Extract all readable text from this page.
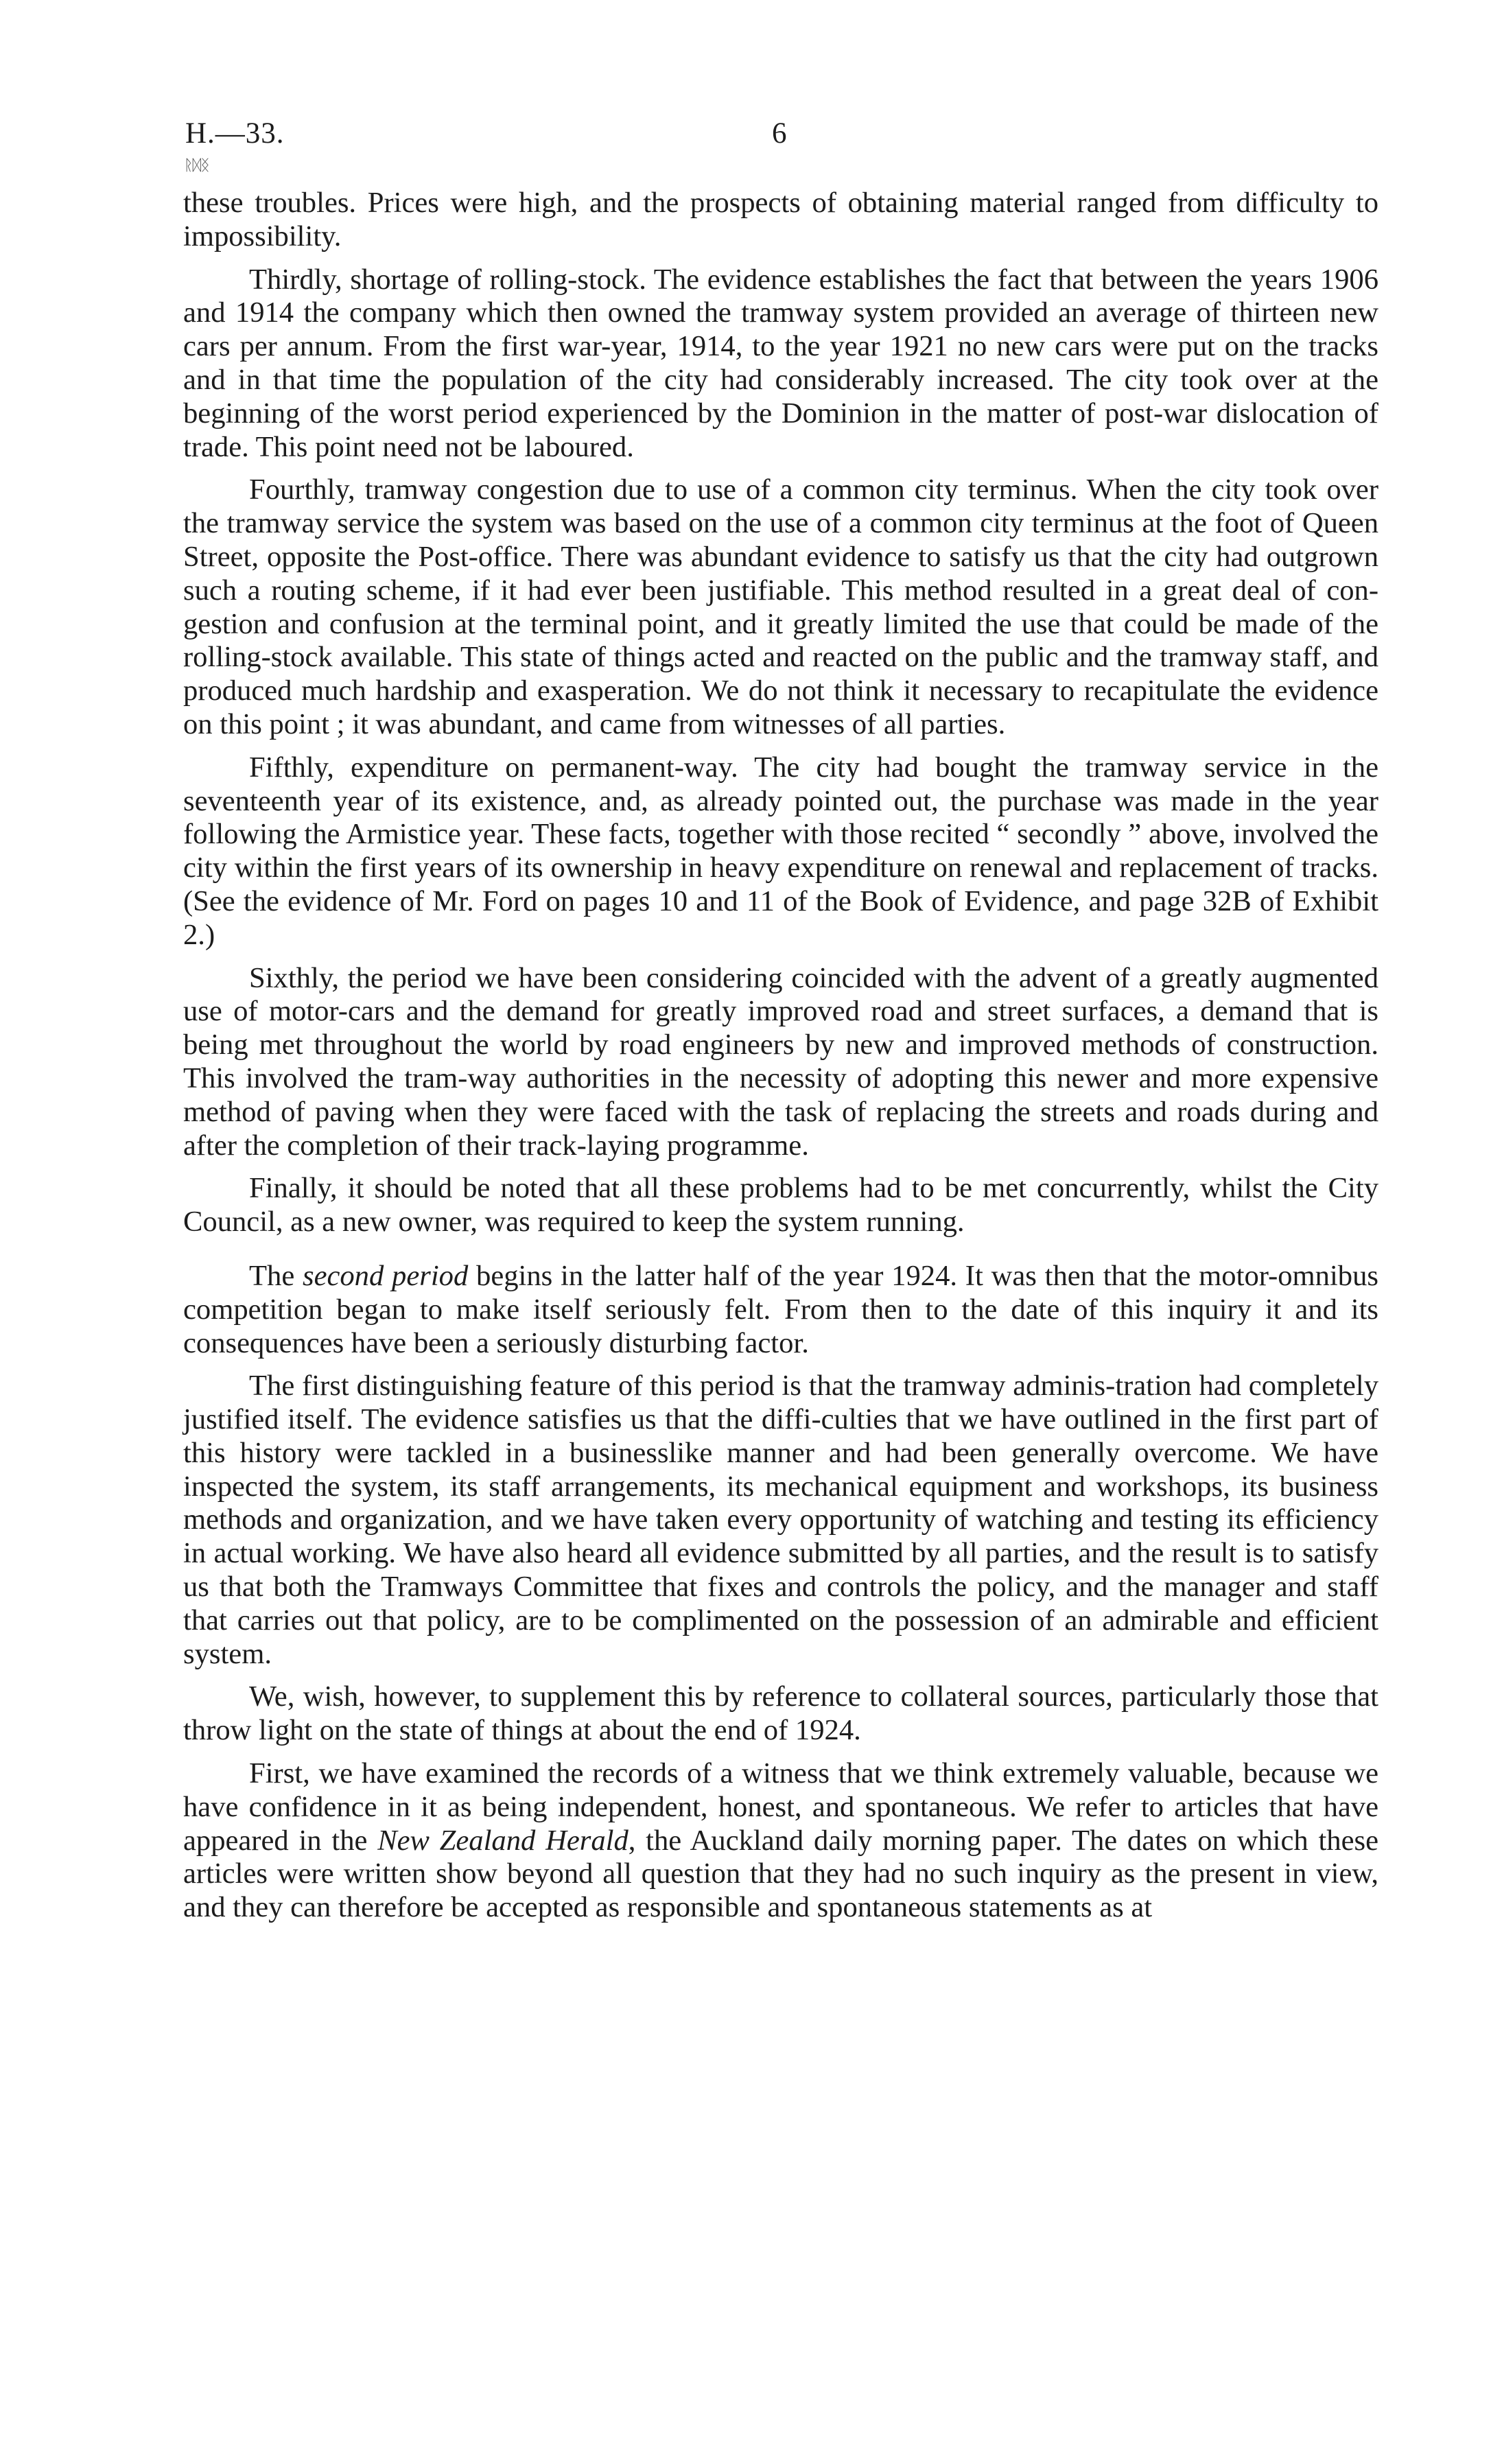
H.—33.	6
ᚱᛞᛝ

these troubles. Prices were high, and the prospects of obtaining material ranged from difficulty to impossibility.

Thirdly, shortage of rolling-stock. The evidence establishes the fact that between the years 1906 and 1914 the company which then owned the tramway system provided an average of thirteen new cars per annum. From the first war-year, 1914, to the year 1921 no new cars were put on the tracks and in that time the population of the city had considerably increased. The city took over at the beginning of the worst period experienced by the Dominion in the matter of post-war dislocation of trade. This point need not be laboured.

Fourthly, tramway congestion due to use of a common city terminus. When the city took over the tramway service the system was based on the use of a common city terminus at the foot of Queen Street, opposite the Post-office. There was abundant evidence to satisfy us that the city had outgrown such a routing scheme, if it had ever been justifiable. This method resulted in a great deal of con-gestion and confusion at the terminal point, and it greatly limited the use that could be made of the rolling-stock available. This state of things acted and reacted on the public and the tramway staff, and produced much hardship and exasperation. We do not think it necessary to recapitulate the evidence on this point ; it was abundant, and came from witnesses of all parties.

Fifthly, expenditure on permanent-way. The city had bought the tramway service in the seventeenth year of its existence, and, as already pointed out, the purchase was made in the year following the Armistice year. These facts, together with those recited “ secondly ” above, involved the city within the first years of its ownership in heavy expenditure on renewal and replacement of tracks. (See the evidence of Mr. Ford on pages 10 and 11 of the Book of Evidence, and page 32B of Exhibit 2.)

Sixthly, the period we have been considering coincided with the advent of a greatly augmented use of motor-cars and the demand for greatly improved road and street surfaces, a demand that is being met throughout the world by road engineers by new and improved methods of construction. This involved the tram-way authorities in the necessity of adopting this newer and more expensive method of paving when they were faced with the task of replacing the streets and roads during and after the completion of their track-laying programme.

Finally, it should be noted that all these problems had to be met concurrently, whilst the City Council, as a new owner, was required to keep the system running.

The second period begins in the latter half of the year 1924. It was then that the motor-omnibus competition began to make itself seriously felt. From then to the date of this inquiry it and its consequences have been a seriously disturbing factor.

The first distinguishing feature of this period is that the tramway adminis-tration had completely justified itself. The evidence satisfies us that the diffi-culties that we have outlined in the first part of this history were tackled in a businesslike manner and had been generally overcome. We have inspected the system, its staff arrangements, its mechanical equipment and workshops, its business methods and organization, and we have taken every opportunity of watching and testing its efficiency in actual working. We have also heard all evidence submitted by all parties, and the result is to satisfy us that both the Tramways Committee that fixes and controls the policy, and the manager and staff that carries out that policy, are to be complimented on the possession of an admirable and efficient system.

We, wish, however, to supplement this by reference to collateral sources, particularly those that throw light on the state of things at about the end of 1924.

First, we have examined the records of a witness that we think extremely valuable, because we have confidence in it as being independent, honest, and spontaneous. We refer to articles that have appeared in the New Zealand Herald, the Auckland daily morning paper. The dates on which these articles were written show beyond all question that they had no such inquiry as the present in view, and they can therefore be accepted as responsible and spontaneous statements as at
